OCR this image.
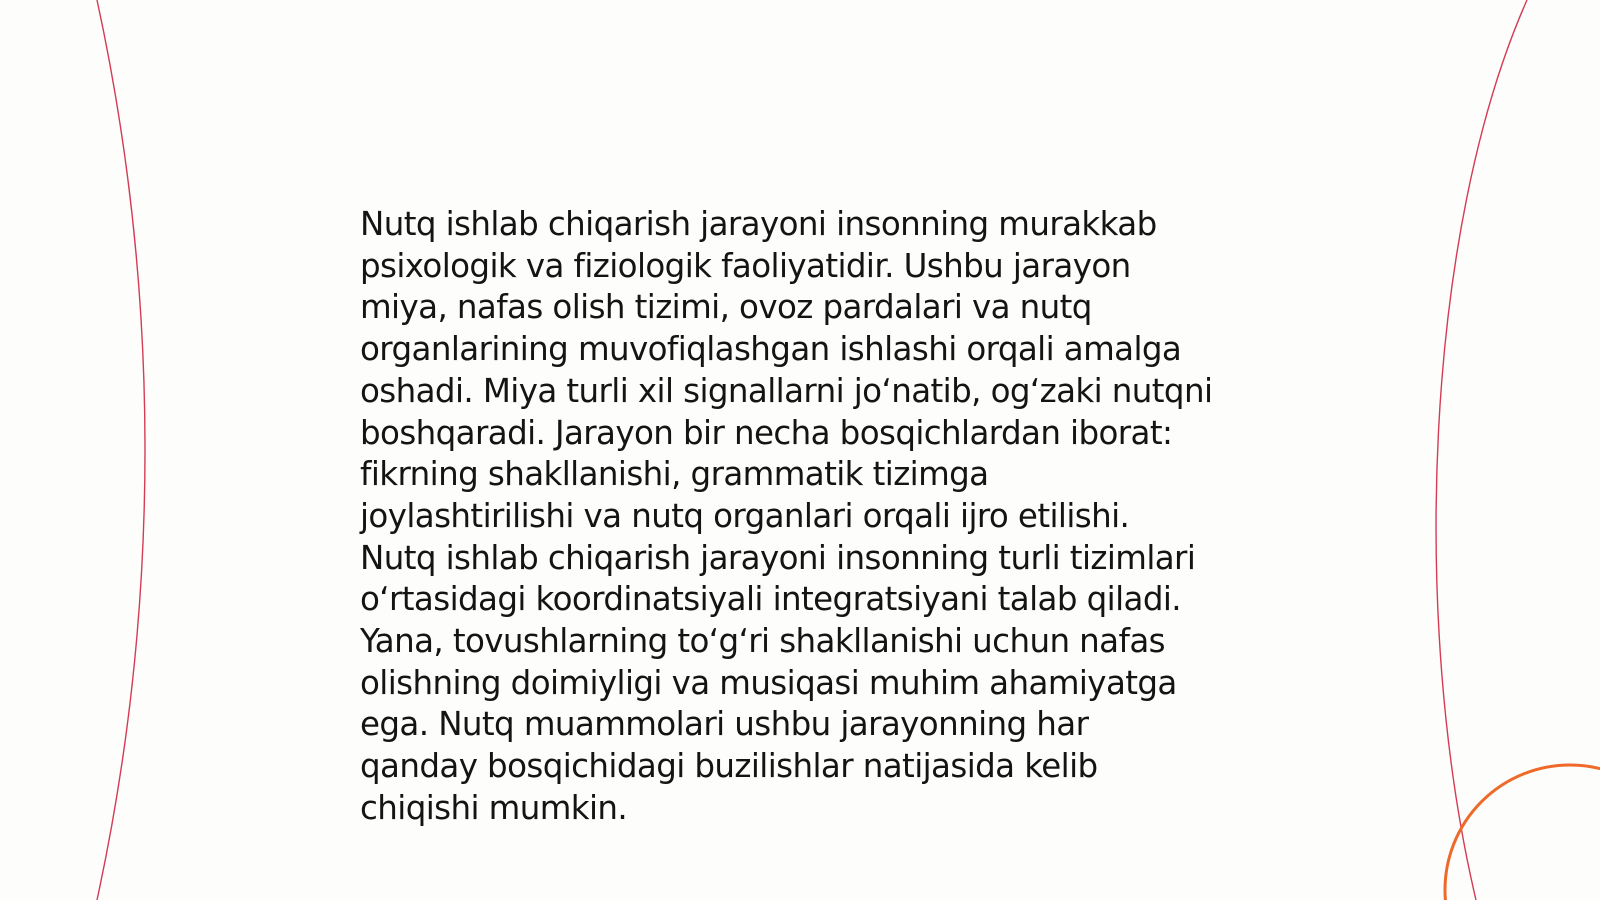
Nutq ishlab chiqarish jarayoni insonning murakkab
psixologik va fiziologik faoliyatidir. Ushbu jarayon
miya, nafas olish tizimi, ovoz pardalari va nutq
organlarining muvofiqlashgan ishlashi orqali amalga
oshadi. Miya turli xil signallarni jo‘natib, og‘zaki nutqni
boshqaradi. Jarayon bir necha bosqichlardan iborat:
fikrning shakllanishi, grammatik tizimga
joylashtirilishi va nutq organlari orqali ijro etilishi.
Nutq ishlab chiqarish jarayoni insonning turli tizimlari
o‘rtasidagi koordinatsiyali integratsiyani talab qiladi.
Yana, tovushlarning to‘g‘ri shakllanishi uchun nafas
olishning doimiyligi va musiqasi muhim ahamiyatga
ega. Nutq muammolari ushbu jarayonning har
qanday bosqichidagi buzilishlar natijasida kelib
chiqishi mumkin.
